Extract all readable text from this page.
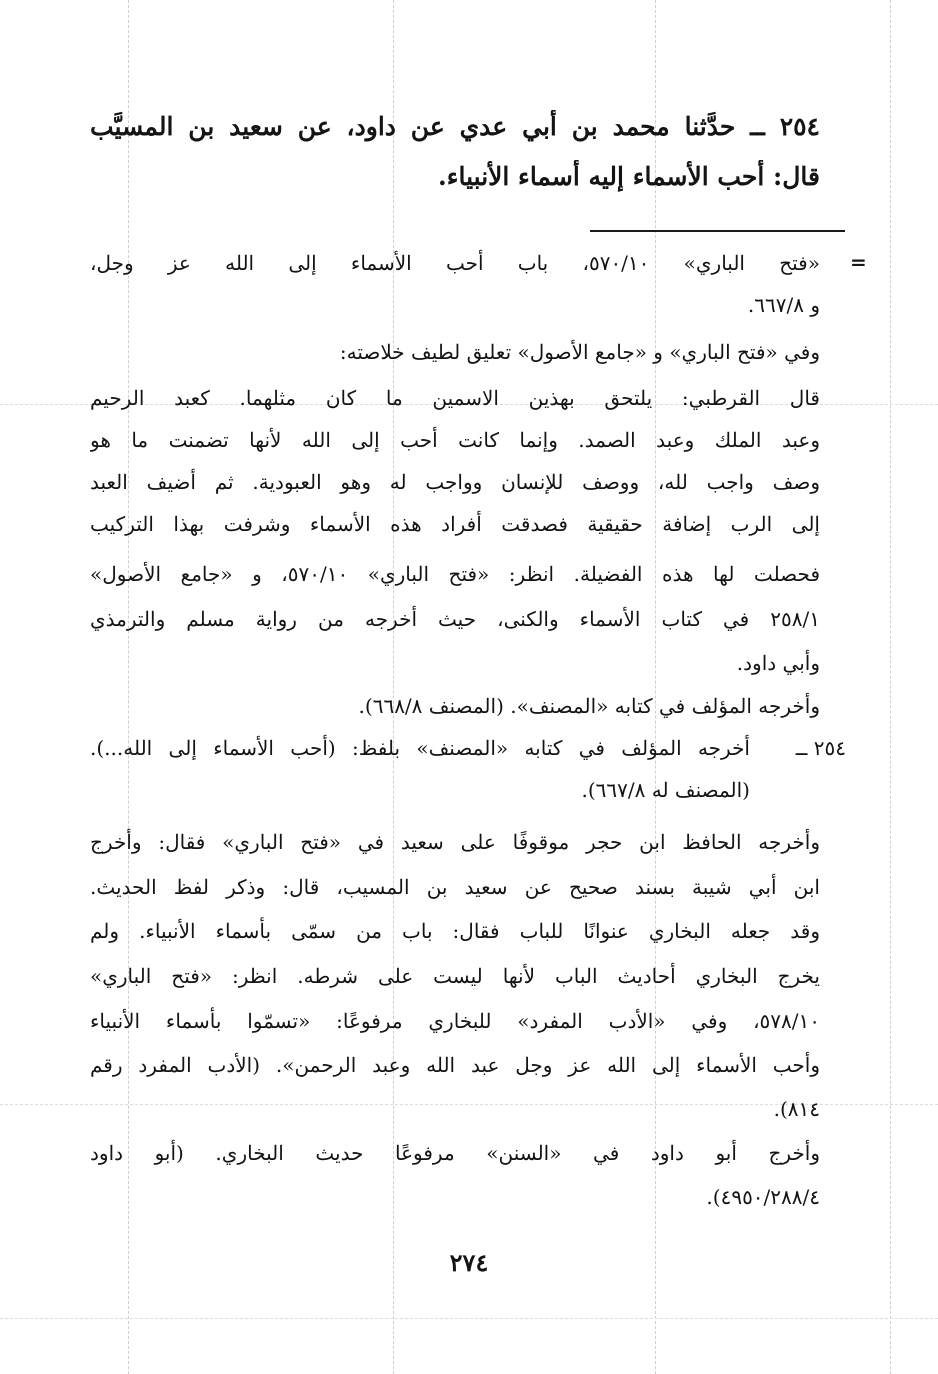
٢٥٤ ــ حدَّثنا محمد بن أبي عدي عن داود، عن سعيد بن المسيَّب
قال: أحب الأسماء إليه أسماء الأنبياء.
=
«فتح الباري» ٥٧٠/١٠، باب أحب الأسماء إلى الله عز وجل،
و ٦٦٧/٨.
وفي «فتح الباري» و «جامع الأصول» تعليق لطيف خلاصته:
قال القرطبي: يلتحق بهذين الاسمين ما كان مثلهما. كعبد الرحيم
وعبد الملك وعبد الصمد. وإنما كانت أحب إلى الله لأنها تضمنت ما هو
وصف واجب لله، ووصف للإنسان وواجب له وهو العبودية. ثم أضيف العبد
إلى الرب إضافة حقيقية فصدقت أفراد هذه الأسماء وشرفت بهذا التركيب
فحصلت لها هذه الفضيلة. انظر: «فتح الباري» ٥٧٠/١٠، و «جامع الأصول»
٢٥٨/١ في كتاب الأسماء والكنى، حيث أخرجه من رواية مسلم والترمذي
وأبي داود.
وأخرجه المؤلف في كتابه «المصنف». (المصنف ٦٦٨/٨).
٢٥٤ ــ
أخرجه المؤلف في كتابه «المصنف» بلفظ: (أحب الأسماء إلى الله...).
(المصنف له ٦٦٧/٨).
وأخرجه الحافظ ابن حجر موقوفًا على سعيد في «فتح الباري» فقال: وأخرج
ابن أبي شيبة بسند صحيح عن سعيد بن المسيب، قال: وذكر لفظ الحديث.
وقد جعله البخاري عنوانًا للباب فقال: باب من سمّى بأسماء الأنبياء. ولم
يخرج البخاري أحاديث الباب لأنها ليست على شرطه. انظر: «فتح الباري»
٥٧٨/١٠، وفي «الأدب المفرد» للبخاري مرفوعًا: «تسمّوا بأسماء الأنبياء
وأحب الأسماء إلى الله عز وجل عبد الله وعبد الرحمن». (الأدب المفرد رقم
٨١٤).
وأخرج أبو داود في «السنن» مرفوعًا حديث البخاري. (أبو داود
٤٩٥٠/٢٨٨/٤).
٢٧٤
